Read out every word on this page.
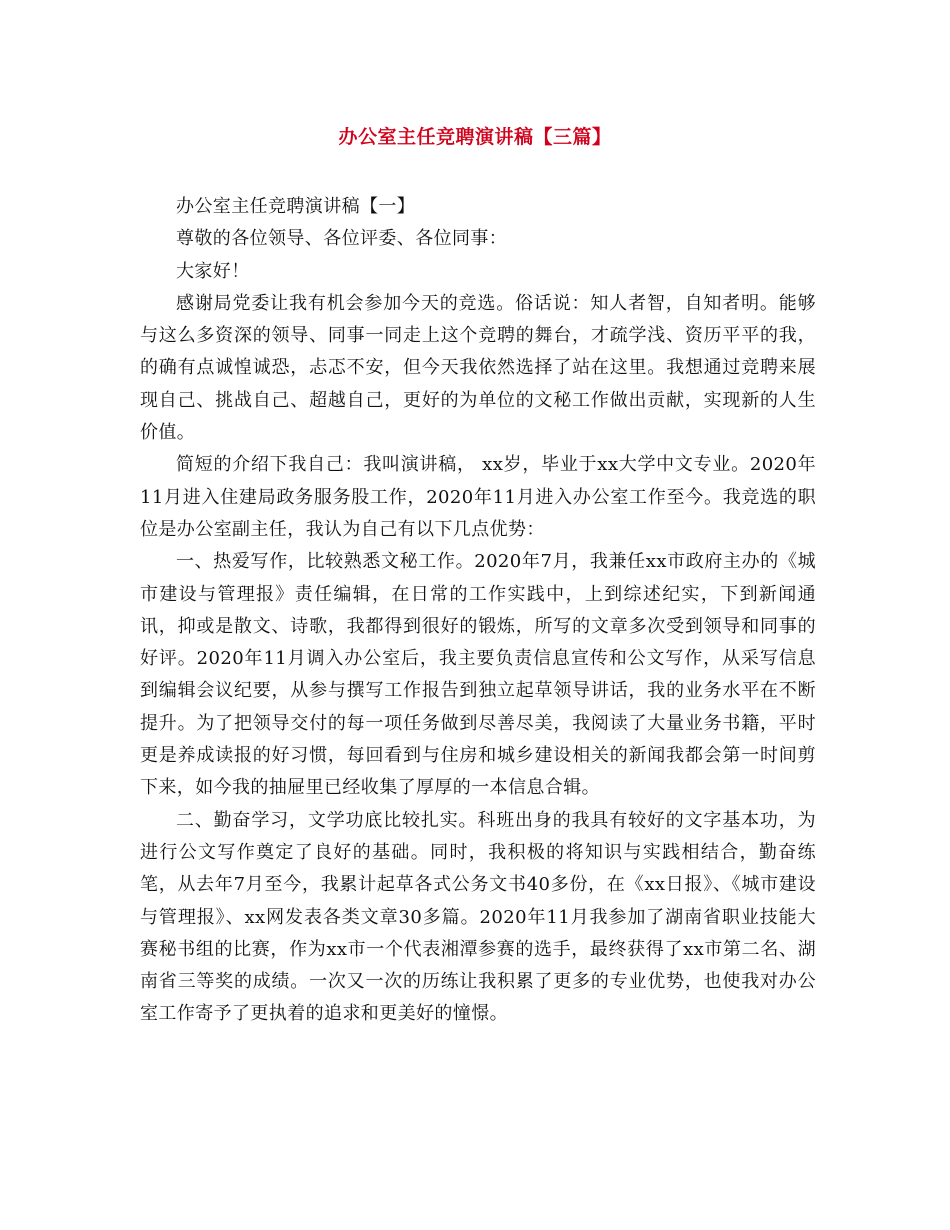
办公室主任竞聘演讲稿【三篇】

办公室主任竞聘演讲稿【一】

尊敬的各位领导、各位评委、各位同事：

大家好！

感谢局党委让我有机会参加今天的竞选。俗话说：知人者智，自知者明。能够与这么多资深的领导、同事一同走上这个竞聘的舞台，才疏学浅、资历平平的我，的确有点诚惶诚恐，忐忑不安，但今天我依然选择了站在这里。我想通过竞聘来展现自己、挑战自己、超越自己，更好的为单位的文秘工作做出贡献，实现新的人生价值。

简短的介绍下我自己：我叫演讲稿， xx岁，毕业于xx大学中文专业。2020年11月进入住建局政务服务股工作，2020年11月进入办公室工作至今。我竞选的职位是办公室副主任，我认为自己有以下几点优势：

一、热爱写作，比较熟悉文秘工作。2020年7月，我兼任xx市政府主办的《城市建设与管理报》责任编辑，在日常的工作实践中，上到综述纪实，下到新闻通讯，抑或是散文、诗歌，我都得到很好的锻炼，所写的文章多次受到领导和同事的好评。2020年11月调入办公室后，我主要负责信息宣传和公文写作，从采写信息到编辑会议纪要，从参与撰写工作报告到独立起草领导讲话，我的业务水平在不断提升。为了把领导交付的每一项任务做到尽善尽美，我阅读了大量业务书籍，平时更是养成读报的好习惯，每回看到与住房和城乡建设相关的新闻我都会第一时间剪下来，如今我的抽屉里已经收集了厚厚的一本信息合辑。

二、勤奋学习，文学功底比较扎实。科班出身的我具有较好的文字基本功，为进行公文写作奠定了良好的基础。同时，我积极的将知识与实践相结合，勤奋练笔，从去年7月至今，我累计起草各式公务文书40多份，在《xx日报》、《城市建设与管理报》、xx网发表各类文章30多篇。2020年11月我参加了湖南省职业技能大赛秘书组的比赛，作为xx市一个代表湘潭参赛的选手，最终获得了xx市第二名、湖南省三等奖的成绩。一次又一次的历练让我积累了更多的专业优势，也使我对办公室工作寄予了更执着的追求和更美好的憧憬。
